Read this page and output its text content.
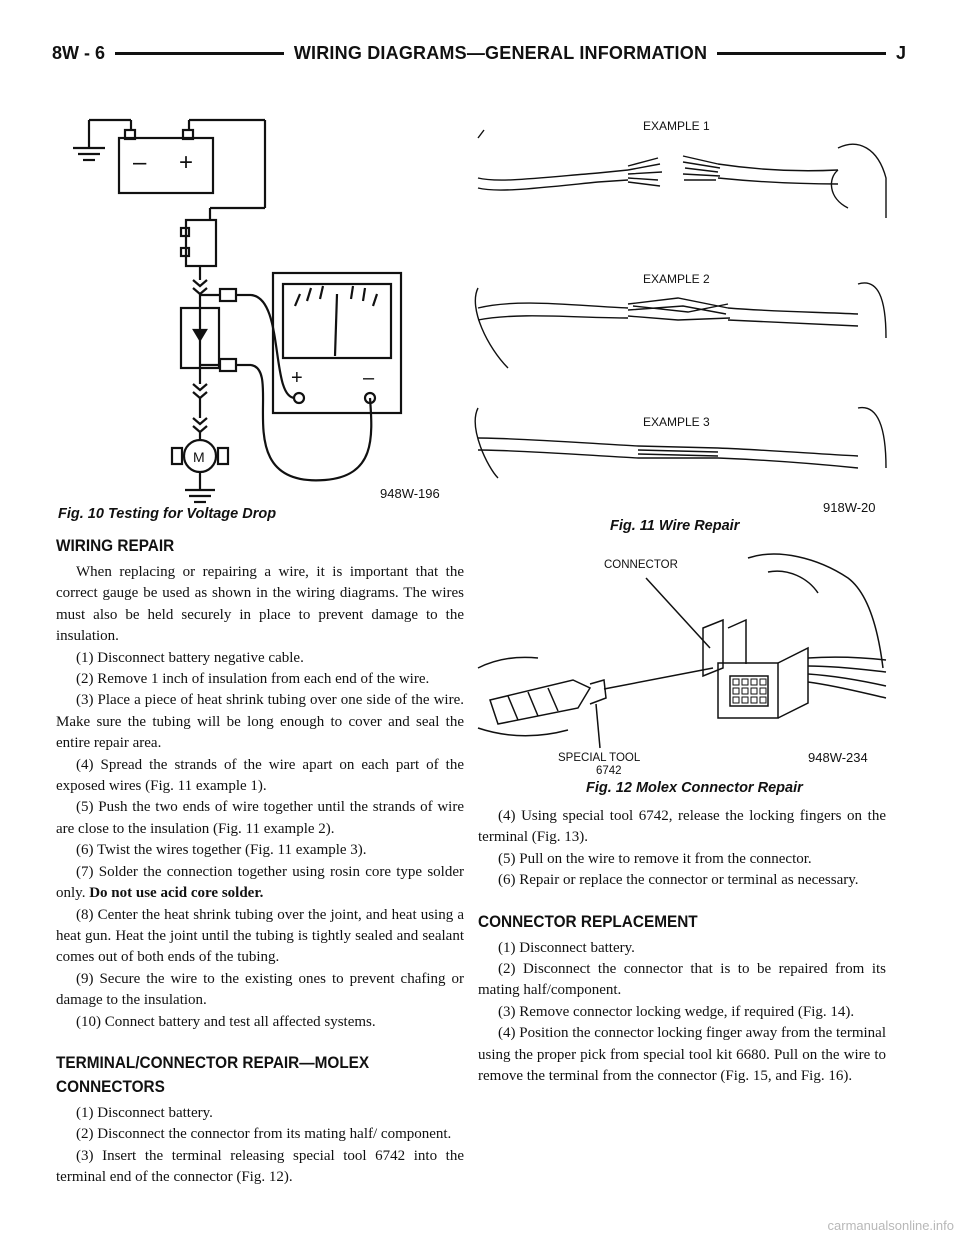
8W - 6	WIRING DIAGRAMS—GENERAL INFORMATION	J
– +
+	–
M
948W-196
Fig. 10 Testing for Voltage Drop
EXAMPLE 1
EXAMPLE 2
EXAMPLE 3
918W-20
Fig. 11 Wire Repair
CONNECTOR
SPECIAL TOOL
6742
948W-234
Fig. 12 Molex Connector Repair
WIRING REPAIR

When replacing or repairing a wire, it is important that the correct gauge be used as shown in the wiring diagrams. The wires must also be held securely in place to prevent damage to the insulation.

(1) Disconnect battery negative cable.

(2) Remove 1 inch of insulation from each end of the wire.

(3) Place a piece of heat shrink tubing over one side of the wire. Make sure the tubing will be long enough to cover and seal the entire repair area.

(4) Spread the strands of the wire apart on each part of the exposed wires (Fig. 11 example 1).

(5) Push the two ends of wire together until the strands of wire are close to the insulation (Fig. 11 example 2).

(6) Twist the wires together (Fig. 11 example 3).

(7) Solder the connection together using rosin core type solder only. Do not use acid core solder.

(8) Center the heat shrink tubing over the joint, and heat using a heat gun. Heat the joint until the tubing is tightly sealed and sealant comes out of both ends of the tubing.

(9) Secure the wire to the existing ones to prevent chafing or damage to the insulation.

(10) Connect battery and test all affected systems.

TERMINAL/CONNECTOR REPAIR—MOLEX CONNECTORS

(1) Disconnect battery.

(2) Disconnect the connector from its mating half/ component.

(3) Insert the terminal releasing special tool 6742 into the terminal end of the connector (Fig. 12).

(4) Using special tool 6742, release the locking fingers on the terminal (Fig. 13).

(5) Pull on the wire to remove it from the connector.

(6) Repair or replace the connector or terminal as necessary.

CONNECTOR REPLACEMENT

(1) Disconnect battery.

(2) Disconnect the connector that is to be repaired from its mating half/component.

(3) Remove connector locking wedge, if required (Fig. 14).

(4) Position the connector locking finger away from the terminal using the proper pick from special tool kit 6680. Pull on the wire to remove the terminal from the connector (Fig. 15, and Fig. 16).

carmanualsonline.info
